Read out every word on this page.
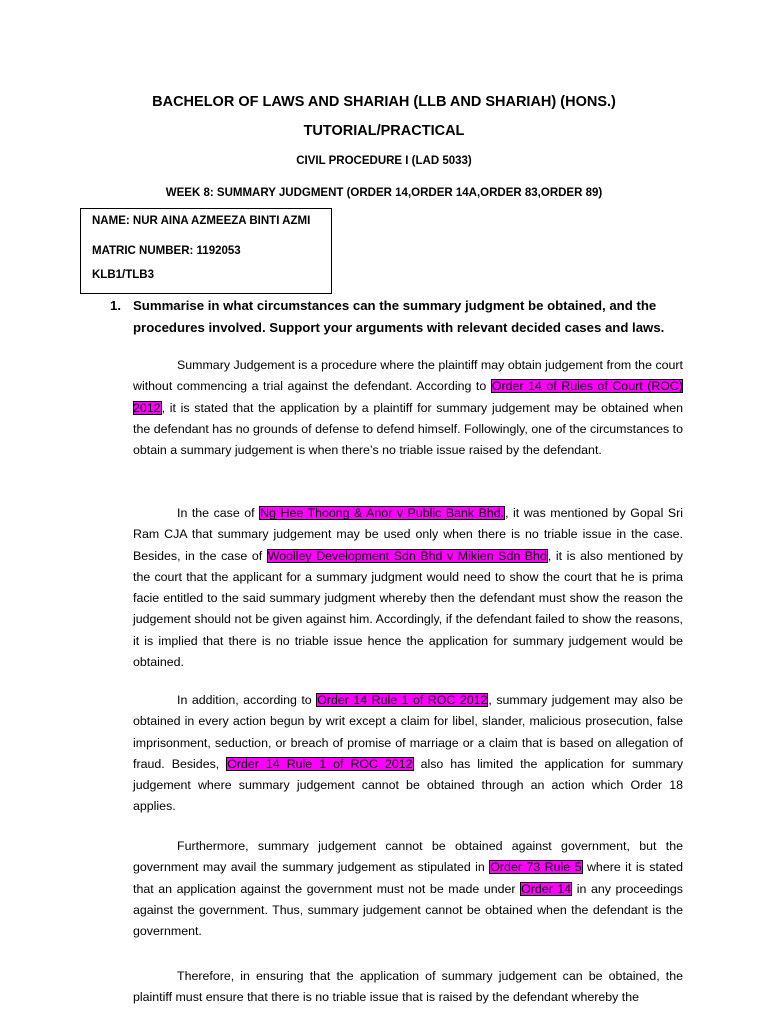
BACHELOR OF LAWS AND SHARIAH (LLB AND SHARIAH) (HONS.)
TUTORIAL/PRACTICAL
CIVIL PROCEDURE I (LAD 5033)
WEEK 8: SUMMARY JUDGMENT (ORDER 14,ORDER 14A,ORDER 83,ORDER 89)
NAME: NUR AINA AZMEEZA BINTI AZMI
MATRIC NUMBER: 1192053
KLB1/TLB3
1. Summarise in what circumstances can the summary judgment be obtained, and the procedures involved. Support your arguments with relevant decided cases and laws.

Summary Judgement is a procedure where the plaintiff may obtain judgement from the court without commencing a trial against the defendant. According to Order 14 of Rules of Court (ROC) 2012, it is stated that the application by a plaintiff for summary judgement may be obtained when the defendant has no grounds of defense to defend himself. Followingly, one of the circumstances to obtain a summary judgement is when there’s no triable issue raised by the defendant.

In the case of Ng Hee Thoong & Anor v Public Bank Bhd., it was mentioned by Gopal Sri Ram CJA that summary judgement may be used only when there is no triable issue in the case. Besides, in the case of Woolley Development Sdn Bhd v Mikien Sdn Bhd, it is also mentioned by the court that the applicant for a summary judgment would need to show the court that he is prima facie entitled to the said summary judgment whereby then the defendant must show the reason the judgement should not be given against him. Accordingly, if the defendant failed to show the reasons, it is implied that there is no triable issue hence the application for summary judgement would be obtained.

In addition, according to Order 14 Rule 1 of ROC 2012, summary judgement may also be obtained in every action begun by writ except a claim for libel, slander, malicious prosecution, false imprisonment, seduction, or breach of promise of marriage or a claim that is based on allegation of fraud. Besides, Order 14 Rule 1 of ROC 2012 also has limited the application for summary judgement where summary judgement cannot be obtained through an action which Order 18 applies.

Furthermore, summary judgement cannot be obtained against government, but the government may avail the summary judgement as stipulated in Order 73 Rule 5 where it is stated that an application against the government must not be made under Order 14 in any proceedings against the government. Thus, summary judgement cannot be obtained when the defendant is the government.

Therefore, in ensuring that the application of summary judgement can be obtained, the plaintiff must ensure that there is no triable issue that is raised by the defendant whereby the
